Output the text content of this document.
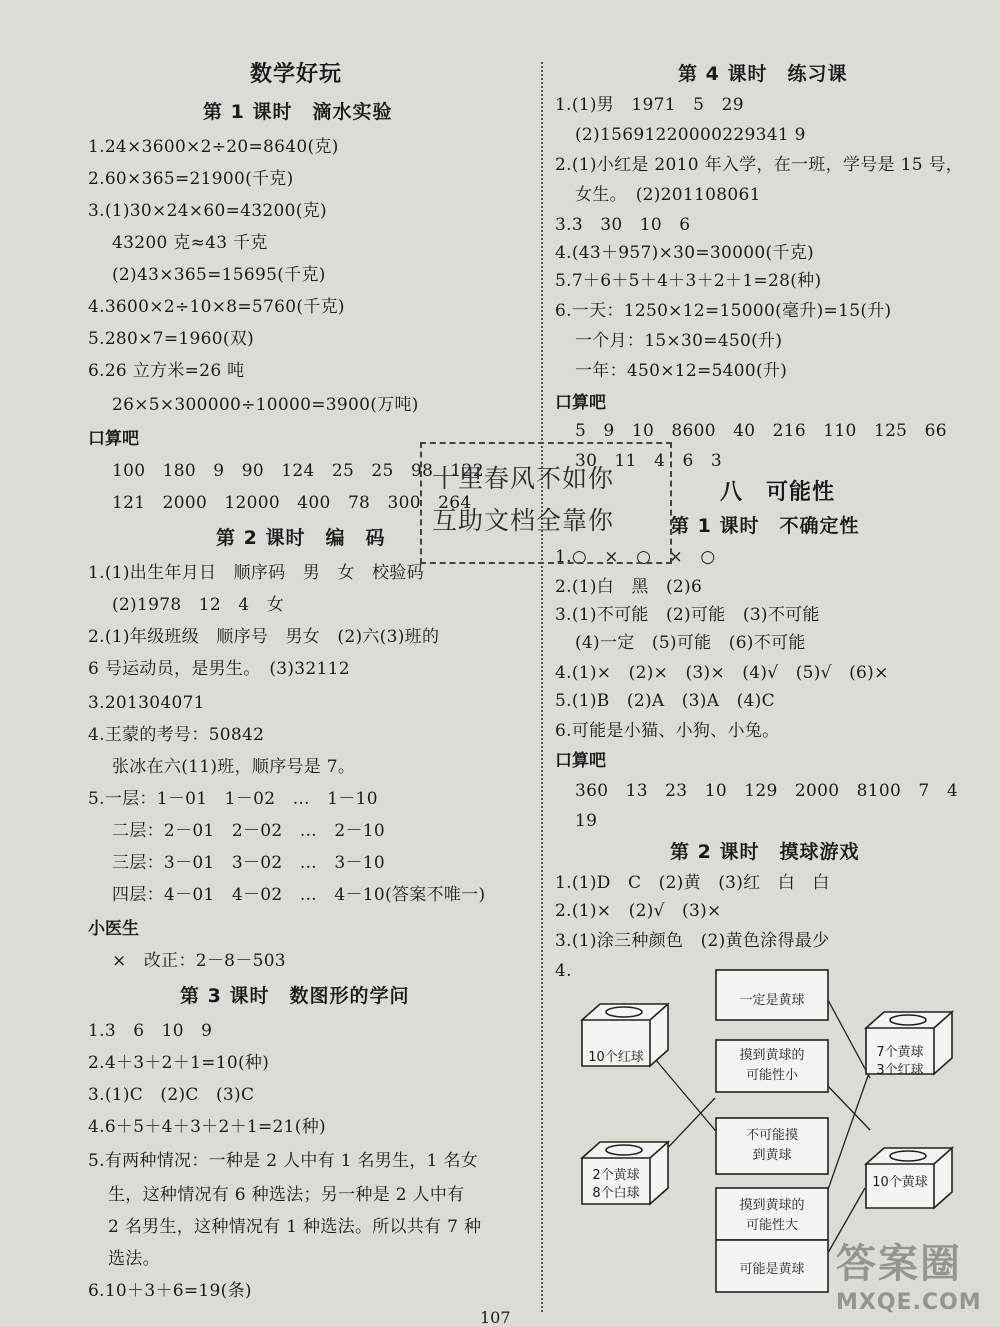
数学好玩
第 1 课时　滴水实验
1.24×3600×2÷20=8640(克)
2.60×365=21900(千克)
3.(1)30×24×60=43200(克)
43200 克≈43 千克
(2)43×365=15695(千克)
4.3600×2÷10×8=5760(千克)
5.280×7=1960(双)
6.26 立方米=26 吨
26×5×300000÷10000=3900(万吨)
口算吧
100　180　9　90　124　25　25　98　122
121　2000　12000　400　78　300　264
第 2 课时　编　码
1.(1)出生年月日　顺序码　男　女　校验码
(2)1978　12　4　女
2.(1)年级班级　顺序号　男女　(2)六(3)班的
6 号运动员，是男生。　(3)32112
3.201304071
4.王蒙的考号：50842
张冰在六(11)班，顺序号是 7。
5.一层：1－01　1－02　…　1－10
二层：2－01　2－02　…　2－10
三层：3－01　3－02　…　3－10
四层：4－01　4－02　…　4－10(答案不唯一)
小医生
×　改正：2－8－503
第 3 课时　数图形的学问
1.3　6　10　9
2.4＋3＋2＋1=10(种)
3.(1)C　(2)C　(3)C
4.6＋5＋4＋3＋2＋1=21(种)
5.有两种情况：一种是 2 人中有 1 名男生，1 名女
生，这种情况有 6 种选法；另一种是 2 人中有
2 名男生，这种情况有 1 种选法。所以共有 7 种
选法。
6.10＋3＋6=19(条)
第 4 课时　练习课
1.(1)男　1971　5　29
(2)15691220000229341 9
2.(1)小红是 2010 年入学，在一班，学号是 15 号，
女生。　(2)201108061
3.3　30　10　6
4.(43＋957)×30=30000(千克)
5.7＋6＋5＋4＋3＋2＋1=28(种)
6.一天：1250×12=15000(毫升)=15(升)
一个月：15×30=450(升)
一年：450×12=5400(升)
口算吧
5　9　10　8600　40　216　110　125　66
30　11　4　6　3
八　可能性
第 1 课时　不确定性
1.○　×　○　×　○
2.(1)白　黑　(2)6
3.(1)不可能　(2)可能　(3)不可能
(4)一定　(5)可能　(6)不可能
4.(1)×　(2)×　(3)×　(4)√　(5)√　(6)×
5.(1)B　(2)A　(3)A　(4)C
6.可能是小猫、小狗、小兔。
口算吧
360　13　23　10　129　2000　8100　7　4
19
第 2 课时　摸球游戏
1.(1)D　C　(2)黄　(3)红　白　白
2.(1)×　(2)√　(3)×
3.(1)涂三种颜色　(2)黄色涂得最少
4.
10个红球
2个黄球
8个白球
7个黄球
3个红球
10个黄球
一定是黄球
摸到黄球的
可能性小
不可能摸
到黄球
摸到黄球的
可能性大
可能是黄球
十里春风不如你
互助文档全靠你
答案圈
MXQE.COM
107
